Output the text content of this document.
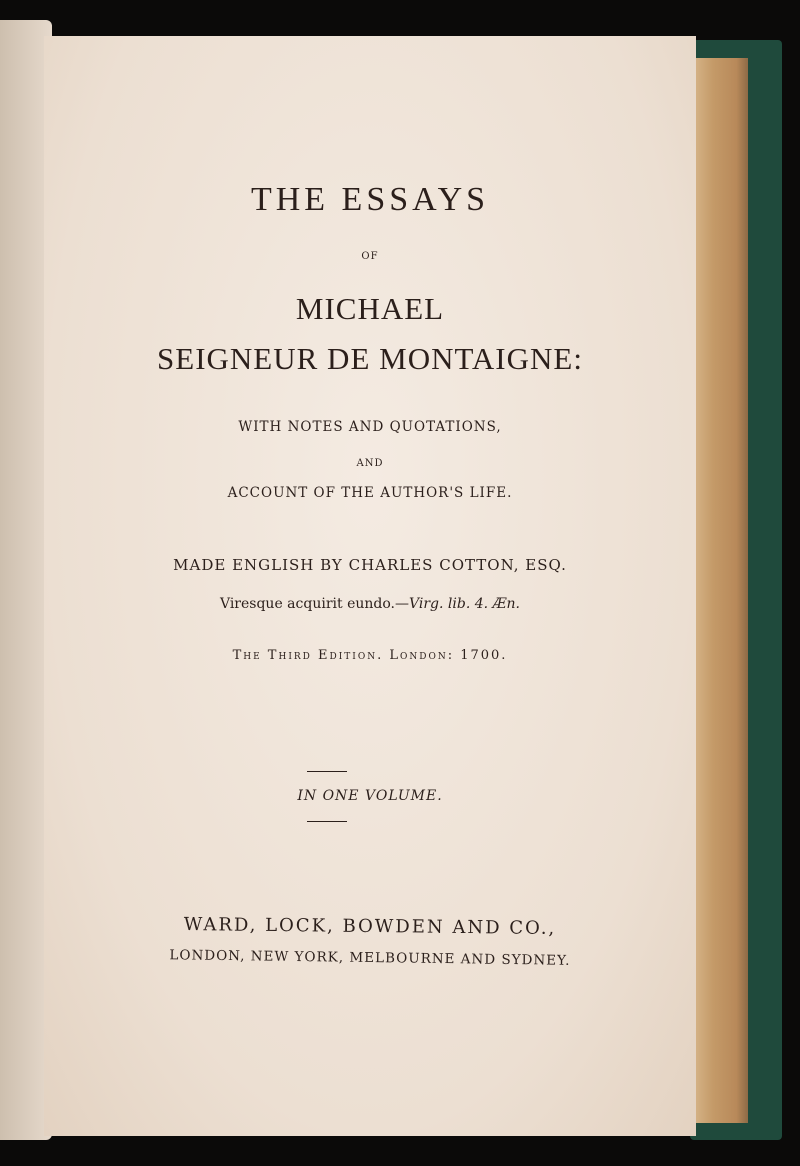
THE ESSAYS
OF
MICHAEL
SEIGNEUR DE MONTAIGNE:
WITH NOTES AND QUOTATIONS,
AND
ACCOUNT OF THE AUTHOR'S LIFE.
MADE ENGLISH BY CHARLES COTTON, ESQ.
Viresque acquirit eundo.—Virg. lib. 4. Æn.
The Third Edition. London: 1700.
IN ONE VOLUME.
WARD, LOCK, BOWDEN AND CO.,
LONDON, NEW YORK, MELBOURNE AND SYDNEY.
